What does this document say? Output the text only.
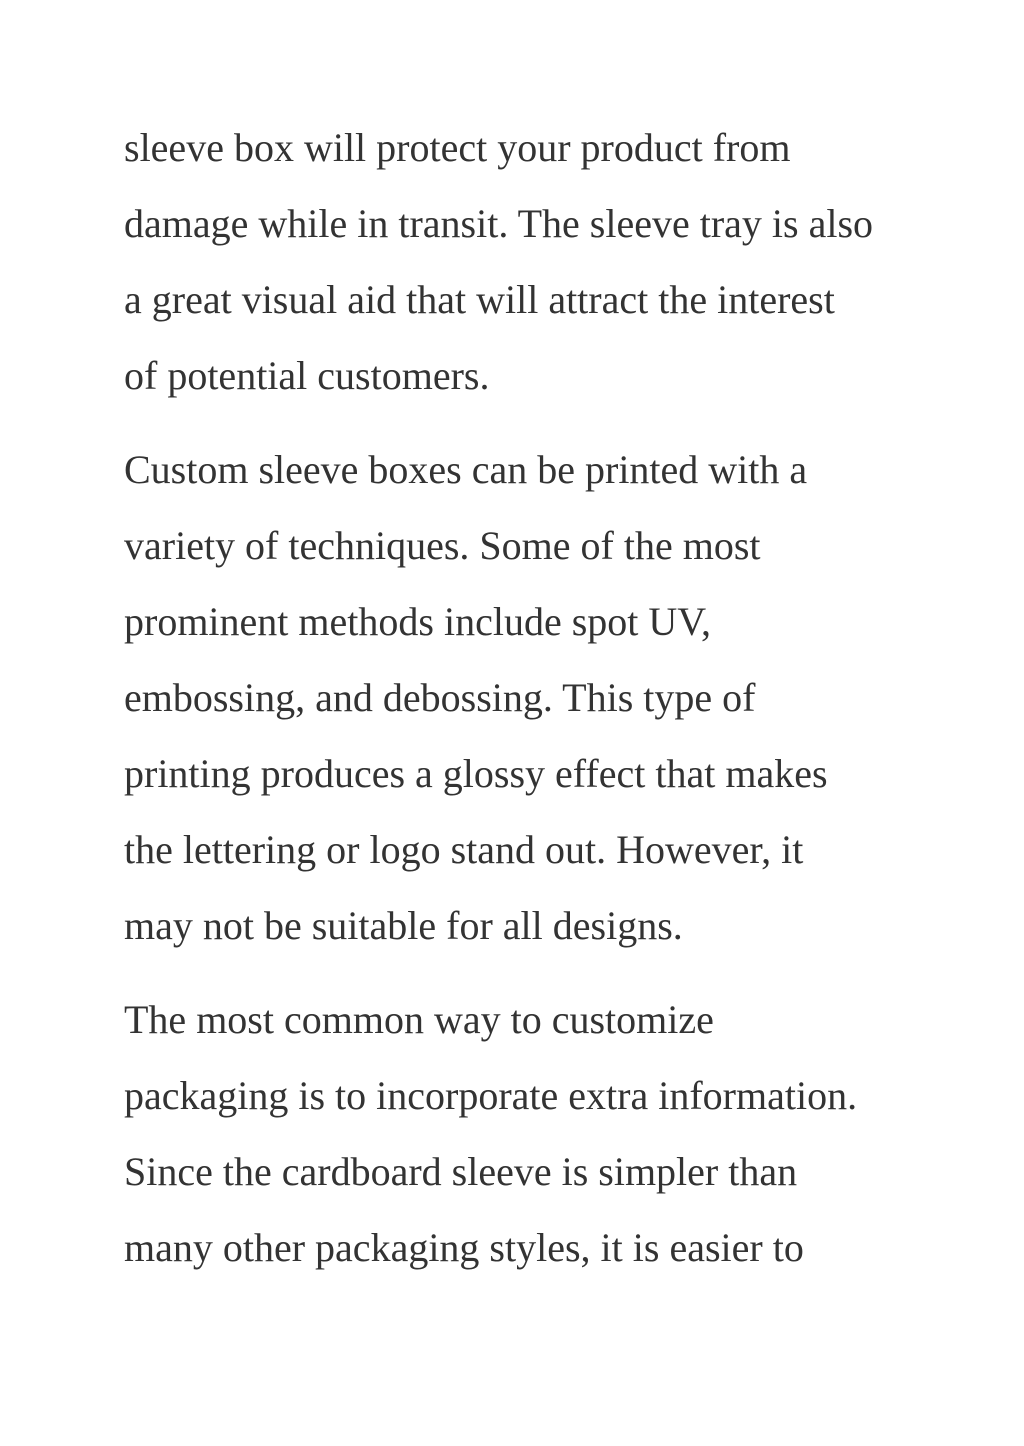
sleeve box will protect your product from
damage while in transit. The sleeve tray is also
a great visual aid that will attract the interest
of potential customers.

Custom sleeve boxes can be printed with a
variety of techniques. Some of the most
prominent methods include spot UV,
embossing, and debossing. This type of
printing produces a glossy effect that makes
the lettering or logo stand out. However, it
may not be suitable for all designs.

The most common way to customize
packaging is to incorporate extra information.
Since the cardboard sleeve is simpler than
many other packaging styles, it is easier to
